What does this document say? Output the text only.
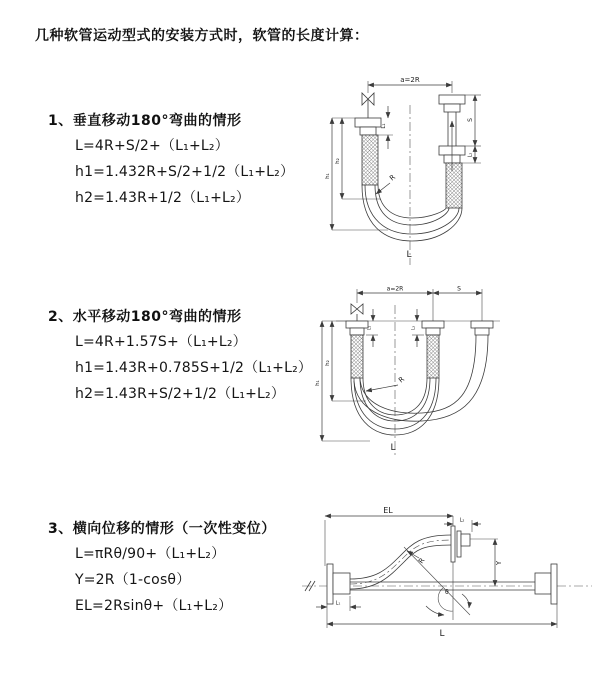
几种软管运动型式的安装方式时，软管的长度计算：
1、垂直移动180°弯曲的情形
L=4R+S/2+（L₁+L₂）
h1=1.432R+S/2+1/2（L₁+L₂）
h2=1.43R+1/2（L₁+L₂）
2、水平移动180°弯曲的情形
L=4R+1.57S+（L₁+L₂）
h1=1.43R+0.785S+1/2（L₁+L₂）
h2=1.43R+S/2+1/2（L₁+L₂）
3、横向位移的情形（一次性变位）
L=πRθ/90+（L₁+L₂）
Y=2R（1-cosθ）
EL=2Rsinθ+（L₁+L₂）
a=2R
L₁
S
L₂
h₁
h₂
R
L
a=2R	S
L₁	L₂
h₁
h₂
R
L
EL
L₂
Y
θ
R
L₁
L
